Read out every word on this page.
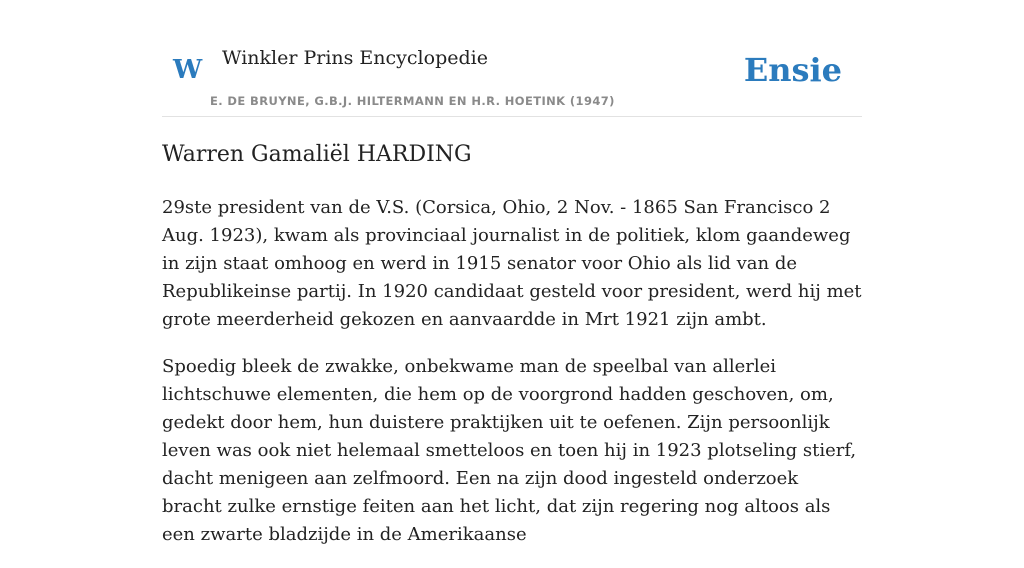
W Winkler Prins Encyclopedie
E. DE BRUYNE, G.B.J. HILTERMANN EN H.R. HOETINK (1947)
Ensie
Warren Gamaliël HARDING

29ste president van de V.S. (Corsica, Ohio, 2 Nov. - 1865 San Francisco 2 Aug. 1923), kwam als provinciaal journalist in de politiek, klom gaandeweg in zijn staat omhoog en werd in 1915 senator voor Ohio als lid van de Republikeinse partij. In 1920 candidaat gesteld voor president, werd hij met grote meerderheid gekozen en aanvaardde in Mrt 1921 zijn ambt.

Spoedig bleek de zwakke, onbekwame man de speelbal van allerlei lichtschuwe elementen, die hem op de voorgrond hadden geschoven, om, gedekt door hem, hun duistere praktijken uit te oefenen. Zijn persoonlijk leven was ook niet helemaal smetteloos en toen hij in 1923 plotseling stierf, dacht menigeen aan zelfmoord. Een na zijn dood ingesteld onderzoek bracht zulke ernstige feiten aan het licht, dat zijn regering nog altoos als een zwarte bladzijde in de Amerikaanse
